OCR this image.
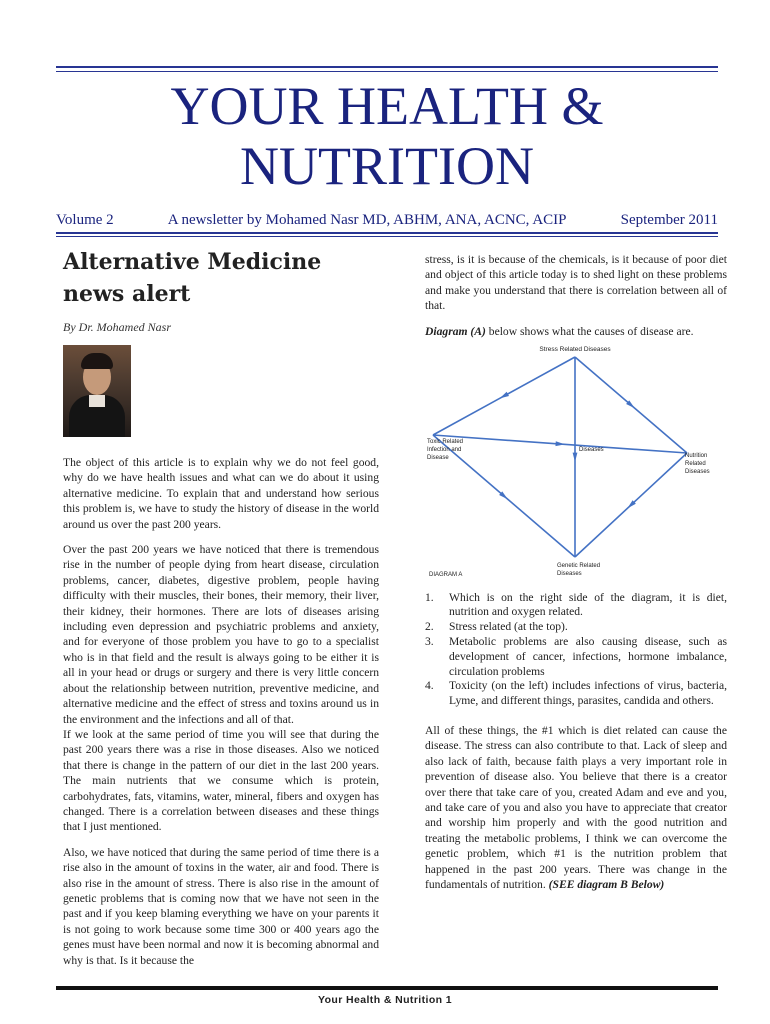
YOUR HEALTH &
NUTRITION
Volume 2	A newsletter by Mohamed Nasr MD, ABHM, ANA, ACNC, ACIP	September 2011
Alternative Medicine news alert
By Dr. Mohamed Nasr

The object of this article is to explain why we do not feel good, why do we have health issues and what can we do about it using alternative medicine. To explain that and understand how serious this problem is, we have to study the history of disease in the world around us over the past 200 years.

Over the past 200 years we have noticed that there is tremendous rise in the number of people dying from heart disease, circulation problems, cancer, diabetes, digestive problem, people having difficulty with their muscles, their bones, their memory, their liver, their kidney, their hormones. There are lots of diseases arising including even depression and psychiatric problems and anxiety, and for everyone of those problem you have to go to a specialist who is in that field and the result is always going to be either it is all in your head or drugs or surgery and there is very little concern about the relationship between nutrition, preventive medicine, and alternative medicine and the effect of stress and toxins around us in the environment and the infections and all of that.

If we look at the same period of time you will see that during the past 200 years there was a rise in those diseases. Also we noticed that there is change in the pattern of our diet in the last 200 years. The main nutrients that we consume which is protein, carbohydrates, fats, vitamins, water, mineral, fibers and oxygen has changed. There is a correlation between diseases and these things that I just mentioned.

Also, we have noticed that during the same period of time there is a rise also in the amount of toxins in the water, air and food. There is also rise in the amount of stress. There is also rise in the amount of genetic problems that is coming now that we have not seen in the past and if you keep blaming everything we have on your parents it is not going to work because some time 300 or 400 years ago the genes must have been normal and now it is becoming abnormal and why is that. Is it because the

stress, is it is because of the chemicals, is it because of poor diet and object of this article today is to shed light on these problems and make you understand that there is correlation between all of that.

Diagram (A) below shows what the causes of disease are.
Stress Related Diseases
Toxic Related Infection and Disease
Diseases
Nutrition Related Diseases
Genetic Related Diseases
DIAGRAM A
1.	Which is on the right side of the diagram, it is diet, nutrition and oxygen related.
2.	Stress related (at the top).
3.	Metabolic problems are also causing disease, such as development of cancer, infections, hormone imbalance, circulation problems
4.	Toxicity (on the left) includes infections of virus, bacteria, Lyme, and different things, parasites, candida and others.

All of these things, the #1 which is diet related can cause the disease. The stress can also contribute to that. Lack of sleep and also lack of faith, because faith plays a very important role in prevention of disease also. You believe that there is a creator over there that take care of you, created Adam and eve and you, and take care of you and also you have to appreciate that creator and worship him properly and with the good nutrition and treating the metabolic problems, I think we can overcome the genetic problem, which #1 is the nutrition problem that happened in the past 200 years. There was change in the fundamentals of nutrition. (SEE diagram B Below)

Your Health & Nutrition 1
